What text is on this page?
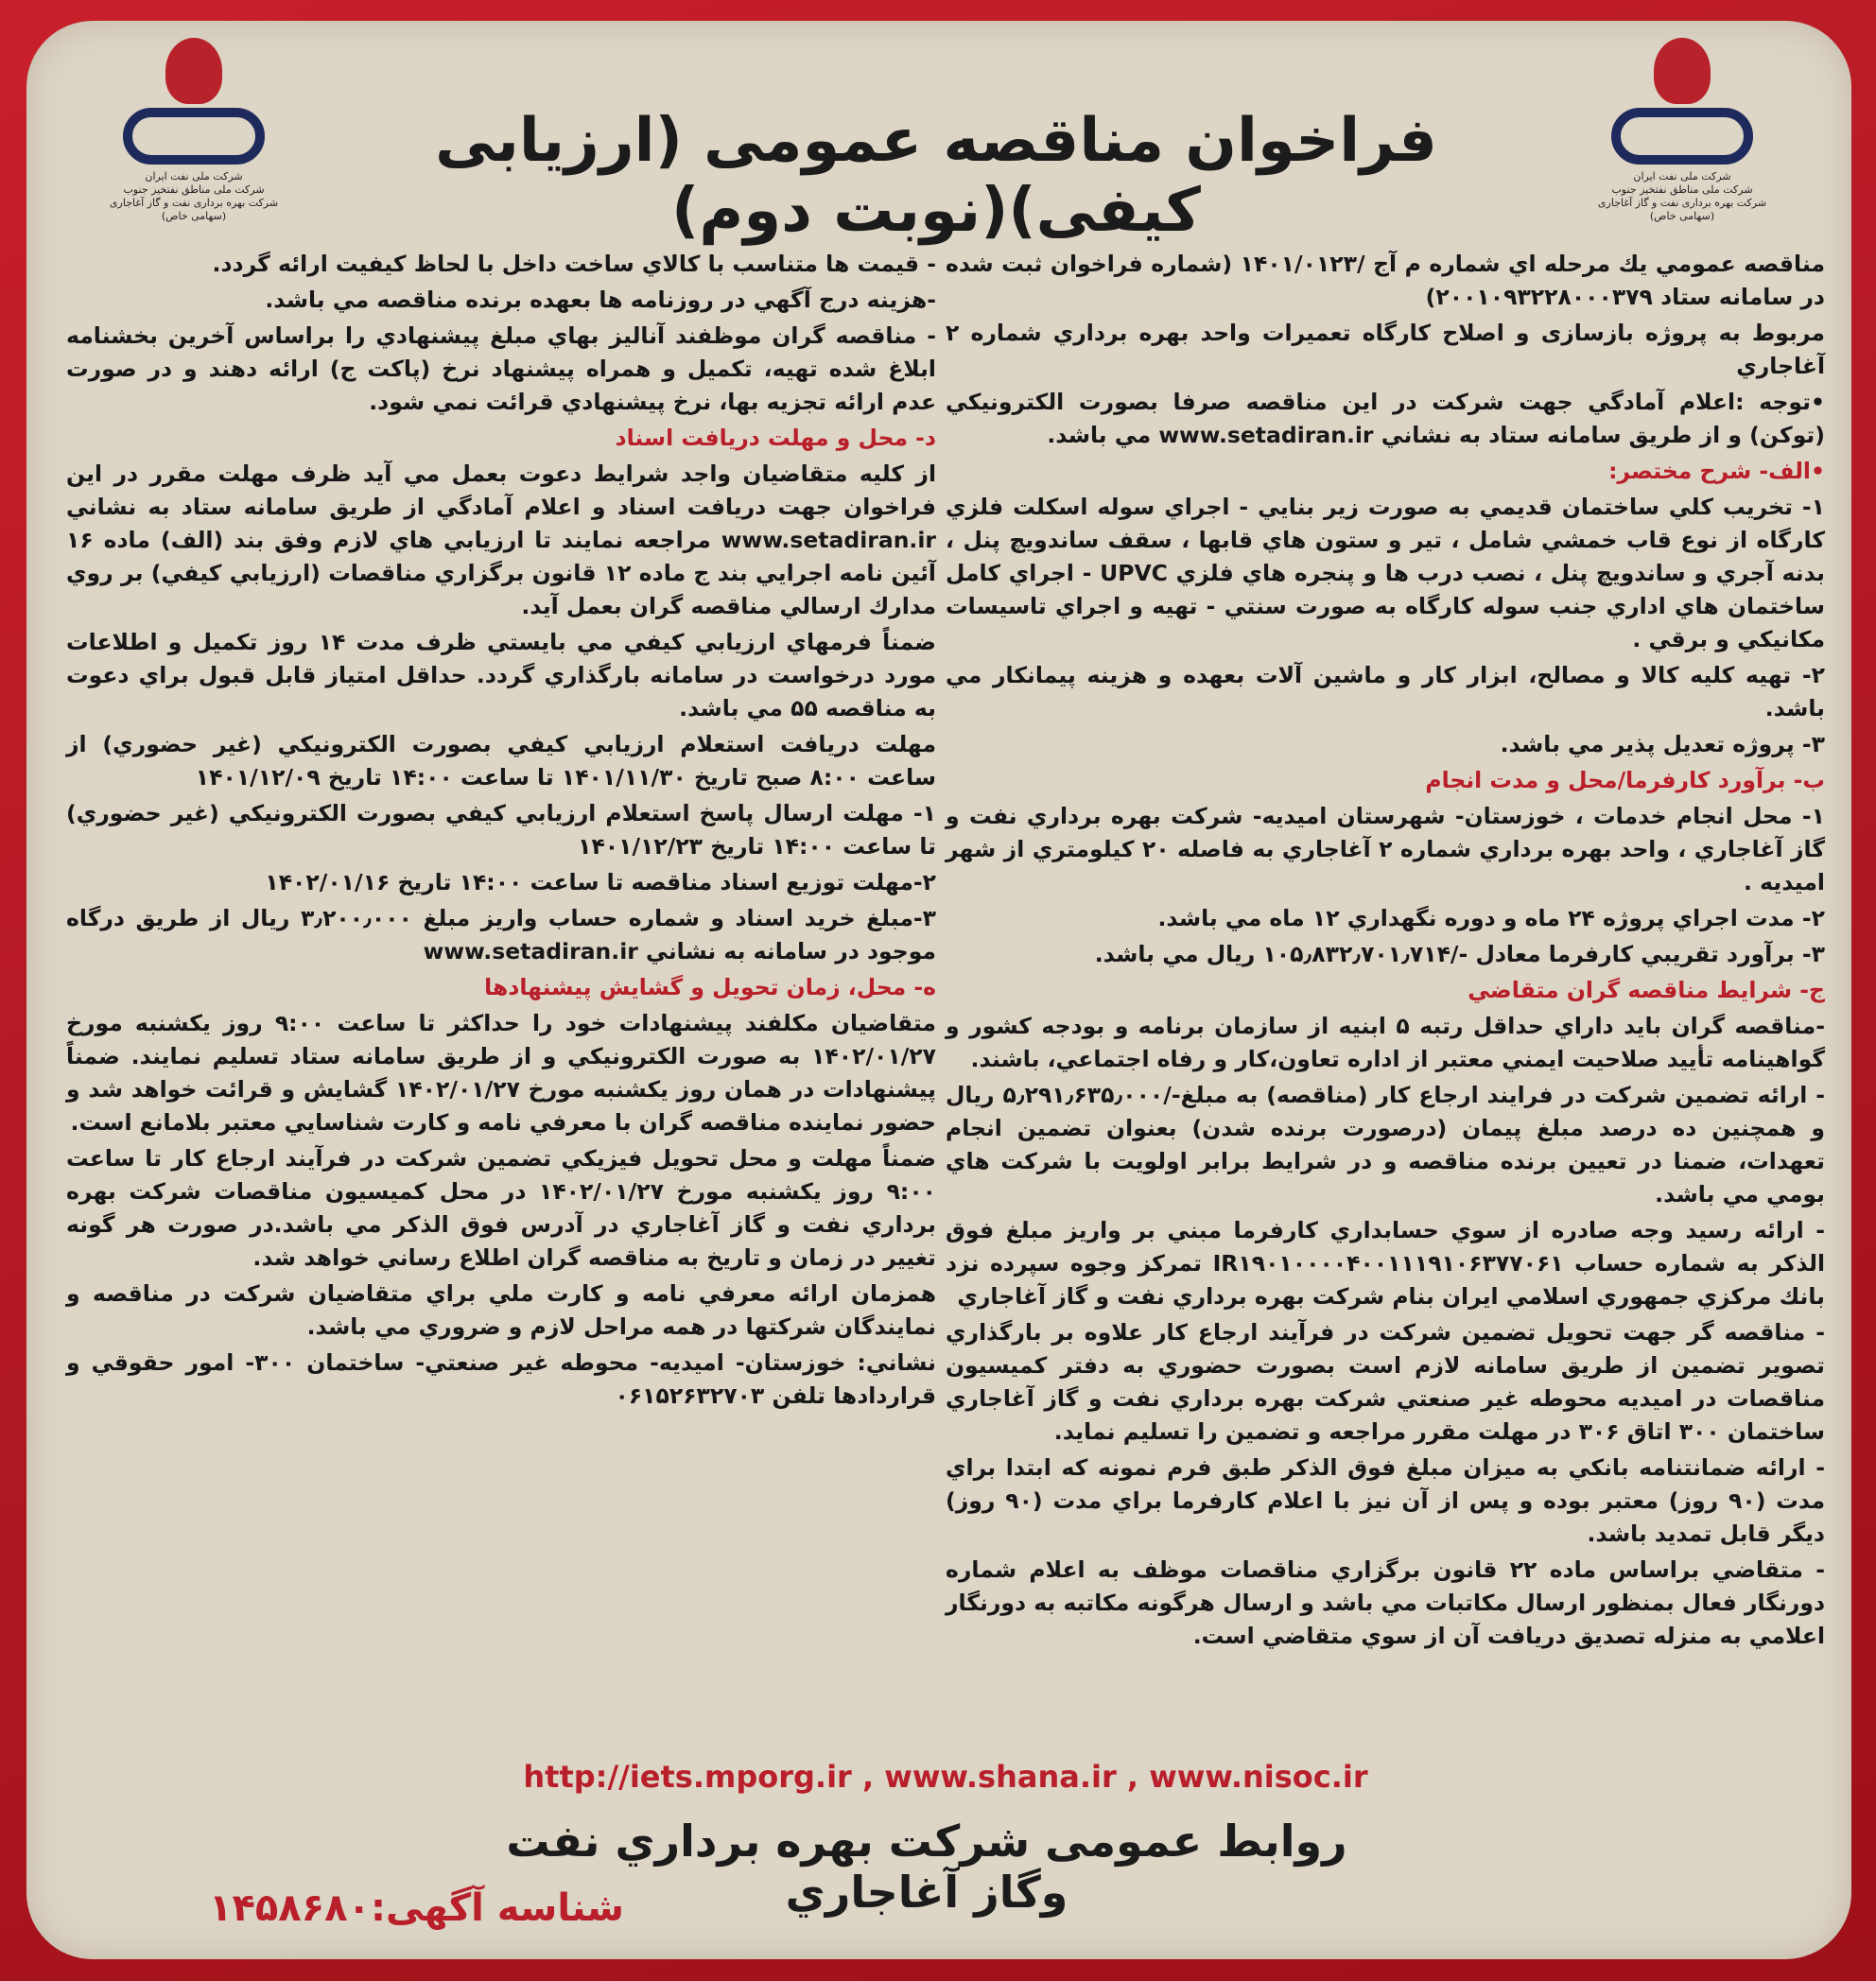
شركت ملی نفت ايران
شركت ملی مناطق نفتخيز جنوب
شركت بهره برداری نفت و گاز آغاجاری (سهامی خاص)
شركت ملی نفت ايران
شركت ملی مناطق نفتخيز جنوب
شركت بهره برداری نفت و گاز آغاجاری (سهامی خاص)
فراخوان مناقصه عمومی (ارزیابی کیفی)(نوبت دوم)

مناقصه عمومي يك مرحله اي شماره م آج /۱۴۰۱/۰۱۲۳ (شماره فراخوان ثبت شده در سامانه ستاد ۲۰۰۱۰۹۳۲۲۸۰۰۰۳۷۹)

مربوط به پروژه بازسازی و اصلاح كارگاه تعميرات واحد بهره برداري شماره ۲ آغاجاري

•توجه :اعلام آمادگي جهت شركت در اين مناقصه صرفا بصورت الكترونيكي (توكن) و از طريق سامانه ستاد به نشاني www.setadiran.ir مي باشد.

•الف- شرح مختصر:

۱- تخريب كلي ساختمان قديمي به صورت زير بنايي - اجراي سوله اسكلت فلزي كارگاه از نوع قاب خمشي شامل ، تير و ستون هاي قابها ، سقف ساندويچ پنل ، بدنه آجري و ساندويچ پنل ، نصب درب ها و پنجره هاي فلزي UPVC - اجراي كامل ساختمان هاي اداري جنب سوله كارگاه به صورت سنتي - تهيه و اجراي تاسيسات مكانيكي و برقي .

۲- تهيه كليه كالا و مصالح، ابزار كار و ماشين آلات بعهده و هزينه پيمانكار مي باشد.

۳- پروژه تعديل پذير مي باشد.

ب- برآورد كارفرما/محل و مدت انجام

۱- محل انجام خدمات ، خوزستان- شهرستان اميديه- شركت بهره برداري نفت و گاز آغاجاري ، واحد بهره برداري شماره ۲ آغاجاري به فاصله ۲۰ كيلومتري از شهر اميديه .

۲- مدت اجراي پروژه ۲۴ ماه و دوره نگهداري ۱۲ ماه مي باشد.

۳- برآورد تقريبي كارفرما معادل -/۱۰۵٫۸۳۲٫۷۰۱٫۷۱۴ ريال مي باشد.

ج- شرايط مناقصه گران متقاضي

-مناقصه گران بايد داراي حداقل رتبه ۵ ابنيه از سازمان برنامه و بودجه كشور و گواهينامه تأييد صلاحيت ايمني معتبر از اداره تعاون،كار و رفاه اجتماعي، باشند.

- ارائه تضمين شركت در فرايند ارجاع كار (مناقصه) به مبلغ-/۵٫۲۹۱٫۶۳۵٫۰۰۰ ريال و همچنين ده درصد مبلغ پيمان (درصورت برنده شدن) بعنوان تضمين انجام تعهدات، ضمنا در تعيين برنده مناقصه و در شرايط برابر اولويت با شركت هاي بومي مي باشد.

- ارائه رسيد وجه صادره از سوي حسابداري كارفرما مبني بر واريز مبلغ فوق الذكر به شماره حساب IR۱۹۰۱۰۰۰۰۴۰۰۱۱۱۹۱۰۶۳۷۷۰۶۱ تمركز وجوه سپرده نزد بانك مركزي جمهوري اسلامي ايران بنام شركت بهره برداري نفت و گاز آغاجاري

- مناقصه گر جهت تحويل تضمين شركت در فرآيند ارجاع كار علاوه بر بارگذاري تصوير تضمين از طريق سامانه لازم است بصورت حضوري به دفتر كميسيون مناقصات در اميديه محوطه غير صنعتي شركت بهره برداري نفت و گاز آغاجاري ساختمان ۳۰۰ اتاق ۳۰۶ در مهلت مقرر مراجعه و تضمين را تسليم نمايد.

- ارائه ضمانتنامه بانكي به ميزان مبلغ فوق الذكر طبق فرم نمونه كه ابتدا براي مدت (۹۰ روز) معتبر بوده و پس از آن نيز با اعلام كارفرما براي مدت (۹۰ روز) ديگر قابل تمديد باشد.

- متقاضي براساس ماده ۲۲ قانون برگزاري مناقصات موظف به اعلام شماره دورنگار فعال بمنظور ارسال مكاتبات مي باشد و ارسال هرگونه مكاتبه به دورنگار اعلامي به منزله تصديق دريافت آن از سوي متقاضي است.

- قيمت ها متناسب با كالاي ساخت داخل با لحاظ كيفيت ارائه گردد.

-هزينه درج آگهي در روزنامه ها بعهده برنده مناقصه مي باشد.

- مناقصه گران موظفند آناليز بهاي مبلغ پيشنهادي را براساس آخرين بخشنامه ابلاغ شده تهيه، تكميل و همراه پيشنهاد نرخ (پاكت ج) ارائه دهند و در صورت عدم ارائه تجزيه بها، نرخ پيشنهادي قرائت نمي شود.

د- محل و مهلت دريافت اسناد

از كليه متقاضيان واجد شرايط دعوت بعمل مي آيد ظرف مهلت مقرر در اين فراخوان جهت دريافت اسناد و اعلام آمادگي از طريق سامانه ستاد به نشاني www.setadiran.ir مراجعه نمايند تا ارزيابي هاي لازم وفق بند (الف) ماده ۱۶ آئين نامه اجرايي بند ج ماده ۱۲ قانون برگزاري مناقصات (ارزيابي كيفي) بر روي مدارك ارسالي مناقصه گران بعمل آيد.

ضمناً فرمهاي ارزيابي كيفي مي بايستي ظرف مدت ۱۴ روز تكميل و اطلاعات مورد درخواست در سامانه بارگذاري گردد. حداقل امتياز قابل قبول براي دعوت به مناقصه ۵۵ مي باشد.

مهلت دريافت استعلام ارزيابي كيفي بصورت الكترونيكي (غير حضوري) از ساعت ۸:۰۰ صبح تاريخ ۱۴۰۱/۱۱/۳۰ تا ساعت ۱۴:۰۰ تاريخ ۱۴۰۱/۱۲/۰۹

۱- مهلت ارسال پاسخ استعلام ارزيابي كيفي بصورت الكترونيكي (غير حضوري) تا ساعت ۱۴:۰۰ تاريخ ۱۴۰۱/۱۲/۲۳

۲-مهلت توزيع اسناد مناقصه تا ساعت ۱۴:۰۰ تاريخ ۱۴۰۲/۰۱/۱۶

۳-مبلغ خريد اسناد و شماره حساب واريز مبلغ ۳٫۲۰۰٫۰۰۰ ريال از طريق درگاه موجود در سامانه به نشاني www.setadiran.ir

ه- محل، زمان تحويل و گشايش پيشنهادها

متقاضيان مكلفند پيشنهادات خود را حداكثر تا ساعت ۹:۰۰ روز يكشنبه مورخ ۱۴۰۲/۰۱/۲۷ به صورت الكترونيكي و از طريق سامانه ستاد تسليم نمايند. ضمناً پيشنهادات در همان روز يكشنبه مورخ ۱۴۰۲/۰۱/۲۷ گشايش و قرائت خواهد شد و حضور نماينده مناقصه گران با معرفي نامه و كارت شناسايي معتبر بلامانع است.

ضمناً مهلت و محل تحويل فيزيكي تضمين شركت در فرآيند ارجاع كار تا ساعت ۹:۰۰ روز يكشنبه مورخ ۱۴۰۲/۰۱/۲۷ در محل كميسيون مناقصات شركت بهره برداري نفت و گاز آغاجاري در آدرس فوق الذكر مي باشد.در صورت هر گونه تغيير در زمان و تاريخ به مناقصه گران اطلاع رساني خواهد شد.

همزمان ارائه معرفي نامه و كارت ملي براي متقاضيان شركت در مناقصه و نمايندگان شركتها در همه مراحل لازم و ضروري مي باشد.

نشاني: خوزستان- اميديه- محوطه غير صنعتي- ساختمان ۳۰۰- امور حقوقي و قراردادها تلفن ۰۶۱۵۲۶۳۲۷۰۳

http://iets.mporg.ir , www.shana.ir , www.nisoc.ir
روابط عمومی شركت بهره برداري نفت وگاز آغاجاري
شناسه آگهی:۱۴۵۸۶۸۰
